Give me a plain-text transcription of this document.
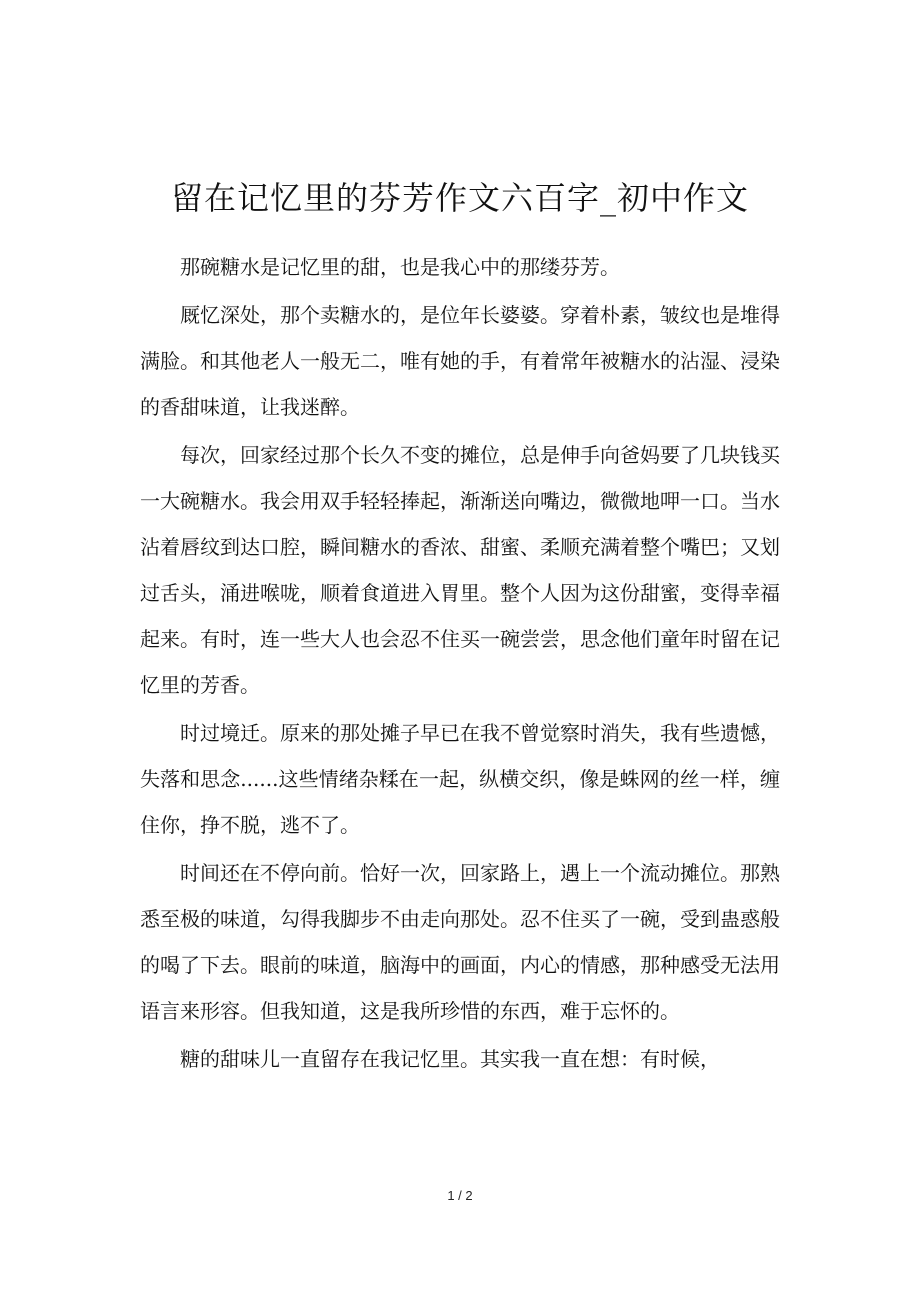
留在记忆里的芬芳作文六百字_初中作文

那碗糖水是记忆里的甜，也是我心中的那缕芬芳。

厩忆深处，那个卖糖水的，是位年长婆婆。穿着朴素，皱纹也是堆得满脸。和其他老人一般无二，唯有她的手，有着常年被糖水的沾湿、浸染的香甜味道，让我迷醉。

每次，回家经过那个长久不变的摊位，总是伸手向爸妈要了几块钱买一大碗糖水。我会用双手轻轻捧起，渐渐送向嘴边，微微地呷一口。当水沾着唇纹到达口腔，瞬间糖水的香浓、甜蜜、柔顺充满着整个嘴巴；又划过舌头，涌进喉咙，顺着食道进入胃里。整个人因为这份甜蜜，变得幸福起来。有时，连一些大人也会忍不住买一碗尝尝，思念他们童年时留在记忆里的芳香。

时过境迁。原来的那处摊子早已在我不曾觉察时消失，我有些遗憾，失落和思念......这些情绪杂糅在一起，纵横交织，像是蛛网的丝一样，缠住你，挣不脱，逃不了。

时间还在不停向前。恰好一次，回家路上，遇上一个流动摊位。那熟悉至极的味道，勾得我脚步不由走向那处。忍不住买了一碗，受到蛊惑般的喝了下去。眼前的味道，脑海中的画面，内心的情感，那种感受无法用语言来形容。但我知道，这是我所珍惜的东西，难于忘怀的。

糖的甜味儿一直留存在我记忆里。其实我一直在想：有时候，

1 / 2
